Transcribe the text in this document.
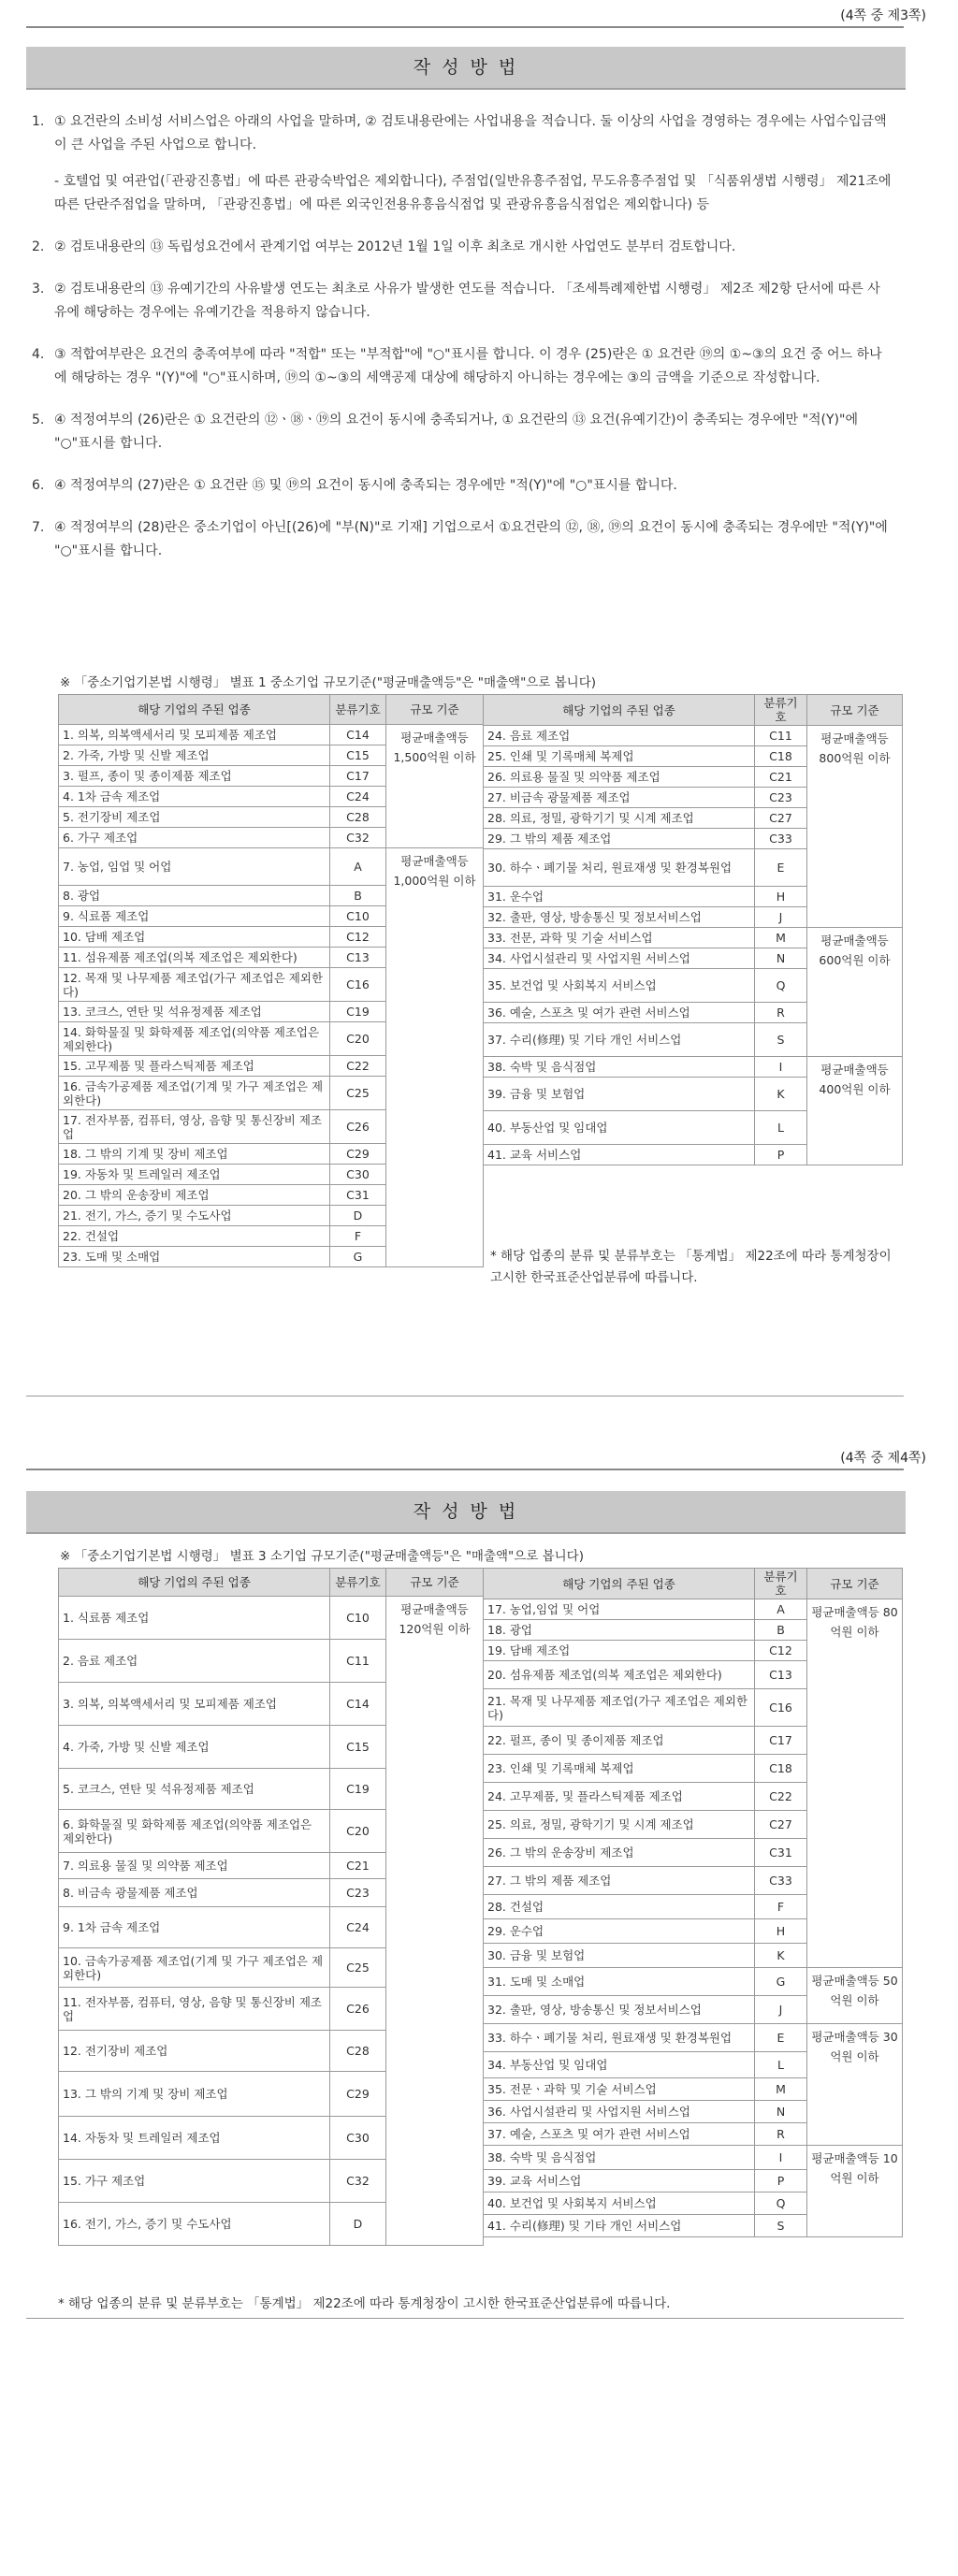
(4쪽 중 제3쪽)
작 성 방 법
1. ① 요건란의 소비성 서비스업은 아래의 사업을 말하며, ② 검토내용란에는 사업내용을 적습니다. 둘 이상의 사업을 경영하는 경우에는 사업수입금액이 큰 사업을 주된 사업으로 합니다.
- 호텔업 및 여관업(「관광진흥법」에 따른 관광숙박업은 제외합니다), 주점업(일반유흥주점업, 무도유흥주점업 및 「식품위생법 시행령」 제21조에 따른 단란주점업을 말하며, 「관광진흥법」에 따른 외국인전용유흥음식점업 및 관광유흥음식점업은 제외합니다) 등
2. ② 검토내용란의 ⑬ 독립성요건에서 관계기업 여부는 2012년 1월 1일 이후 최초로 개시한 사업연도 분부터 검토합니다.
3. ② 검토내용란의 ⑬ 유예기간의 사유발생 연도는 최초로 사유가 발생한 연도를 적습니다. 「조세특례제한법 시행령」 제2조 제2항 단서에 따른 사유에 해당하는 경우에는 유예기간을 적용하지 않습니다.
4. ③ 적합여부란은 요건의 충족여부에 따라 "적합" 또는 "부적합"에 "○"표시를 합니다. 이 경우 (25)란은 ① 요건란 ⑲의 ①~③의 요건 중 어느 하나에 해당하는 경우 "(Y)"에 "○"표시하며, ⑲의 ①~③의 세액공제 대상에 해당하지 아니하는 경우에는 ③의 금액을 기준으로 작성합니다.
5. ④ 적정여부의 (26)란은 ① 요건란의 ⑫ㆍ⑱ㆍ⑲의 요건이 동시에 충족되거나, ① 요건란의 ⑬ 요건(유예기간)이 충족되는 경우에만 "적(Y)"에 "○"표시를 합니다.
6. ④ 적정여부의 (27)란은 ① 요건란 ⑮ 및 ⑲의 요건이 동시에 충족되는 경우에만 "적(Y)"에 "○"표시를 합니다.
7. ④ 적정여부의 (28)란은 중소기업이 아닌[(26)에 "부(N)"로 기재] 기업으로서 ①요건란의 ⑫, ⑱, ⑲의 요건이 동시에 충족되는 경우에만 "적(Y)"에 "○"표시를 합니다.
※ 「중소기업기본법 시행령」 별표 1 중소기업 규모기준("평균매출액등"은 "매출액"으로 봅니다)
해당 기업의 주된 업종	분류기호	규모 기준
1. 의복, 의복액세서리 및 모피제품 제조업	C14	평균매출액등 1,500억원 이하
2. 가죽, 가방 및 신발 제조업	C15	
3. 펄프, 종이 및 종이제품 제조업	C17	
4. 1차 금속 제조업	C24	
5. 전기장비 제조업	C28	
6. 가구 제조업	C32	
7. 농업, 임업 및 어업	A	평균매출액등 1,000억원 이하
8. 광업	B	
9. 식료품 제조업	C10	
10. 담배 제조업	C12	
11. 섬유제품 제조업(의복 제조업은 제외한다)	C13	
12. 목재 및 나무제품 제조업(가구 제조업은 제외한다)	C16	
13. 코크스, 연탄 및 석유정제품 제조업	C19	
14. 화학물질 및 화학제품 제조업(의약품 제조업은 제외한다)	C20	
15. 고무제품 및 플라스틱제품 제조업	C22	
16. 금속가공제품 제조업(기계 및 가구 제조업은 제외한다)	C25	
17. 전자부품, 컴퓨터, 영상, 음향 및 통신장비 제조업	C26	
18. 그 밖의 기계 및 장비 제조업	C29	
19. 자동차 및 트레일러 제조업	C30	
20. 그 밖의 운송장비 제조업	C31	
21. 전기, 가스, 증기 및 수도사업	D	
22. 건설업	F	
23. 도매 및 소매업	G	
해당 기업의 주된 업종	분류기호	규모 기준
24. 음료 제조업	C11	평균매출액등 800억원 이하
25. 인쇄 및 기록매체 복제업	C18	
26. 의료용 물질 및 의약품 제조업	C21	
27. 비금속 광물제품 제조업	C23	
28. 의료, 정밀, 광학기기 및 시계 제조업	C27	
29. 그 밖의 제품 제조업	C33	
30. 하수ㆍ폐기물 처리, 원료재생 및 환경복원업	E	
31. 운수업	H	
32. 출판, 영상, 방송통신 및 정보서비스업	J	
33. 전문, 과학 및 기술 서비스업	M	평균매출액등 600억원 이하
34. 사업시설관리 및 사업지원 서비스업	N	
35. 보건업 및 사회복지 서비스업	Q	
36. 예술, 스포츠 및 여가 관련 서비스업	R	
37. 수리(修理) 및 기타 개인 서비스업	S	
38. 숙박 및 음식점업	I	평균매출액등 400억원 이하
39. 금융 및 보험업	K	
40. 부동산업 및 임대업	L	
41. 교육 서비스업	P	
* 해당 업종의 분류 및 분류부호는 「통계법」 제22조에 따라 통계청장이 고시한 한국표준산업분류에 따릅니다.
(4쪽 중 제4쪽)
작 성 방 법
※ 「중소기업기본법 시행령」 별표 3 소기업 규모기준("평균매출액등"은 "매출액"으로 봅니다)
해당 기업의 주된 업종	분류기호	규모 기준
1. 식료품 제조업	C10	평균매출액등 120억원 이하
2. 음료 제조업	C11	
3. 의복, 의복액세서리 및 모피제품 제조업	C14	
4. 가죽, 가방 및 신발 제조업	C15	
5. 코크스, 연탄 및 석유정제품 제조업	C19	
6. 화학물질 및 화학제품 제조업(의약품 제조업은 제외한다)	C20	
7. 의료용 물질 및 의약품 제조업	C21	
8. 비금속 광물제품 제조업	C23	
9. 1차 금속 제조업	C24	
10. 금속가공제품 제조업(기계 및 가구 제조업은 제외한다)	C25	
11. 전자부품, 컴퓨터, 영상, 음향 및 통신장비 제조업	C26	
12. 전기장비 제조업	C28	
13. 그 밖의 기계 및 장비 제조업	C29	
14. 자동차 및 트레일러 제조업	C30	
15. 가구 제조업	C32	
16. 전기, 가스, 증기 및 수도사업	D	
해당 기업의 주된 업종	분류기호	규모 기준
17. 농업,임업 및 어업	A	평균매출액등 80억원 이하
18. 광업	B	
19. 담배 제조업	C12	
20. 섬유제품 제조업(의복 제조업은 제외한다)	C13	
21. 목재 및 나무제품 제조업(가구 제조업은 제외한다)	C16	
22. 펄프, 종이 및 종이제품 제조업	C17	
23. 인쇄 및 기록매체 복제업	C18	
24. 고무제품, 및 플라스틱제품 제조업	C22	
25. 의료, 정밀, 광학기기 및 시계 제조업	C27	
26. 그 밖의 운송장비 제조업	C31	
27. 그 밖의 제품 제조업	C33	
28. 건설업	F	
29. 운수업	H	
30. 금융 및 보험업	K	
31. 도매 및 소매업	G	평균매출액등 50억원 이하
32. 출판, 영상, 방송통신 및 정보서비스업	J	
33. 하수ㆍ폐기물 처리, 원료재생 및 환경복원업	E	평균매출액등 30억원 이하
34. 부동산업 및 임대업	L	
35. 전문ㆍ과학 및 기술 서비스업	M	
36. 사업시설관리 및 사업지원 서비스업	N	
37. 예술, 스포츠 및 여가 관련 서비스업	R	
38. 숙박 및 음식점업	I	평균매출액등 10억원 이하
39. 교육 서비스업	P	
40. 보건업 및 사회복지 서비스업	Q	
41. 수리(修理) 및 기타 개인 서비스업	S	
* 해당 업종의 분류 및 분류부호는 「통계법」 제22조에 따라 통계청장이 고시한 한국표준산업분류에 따릅니다.
